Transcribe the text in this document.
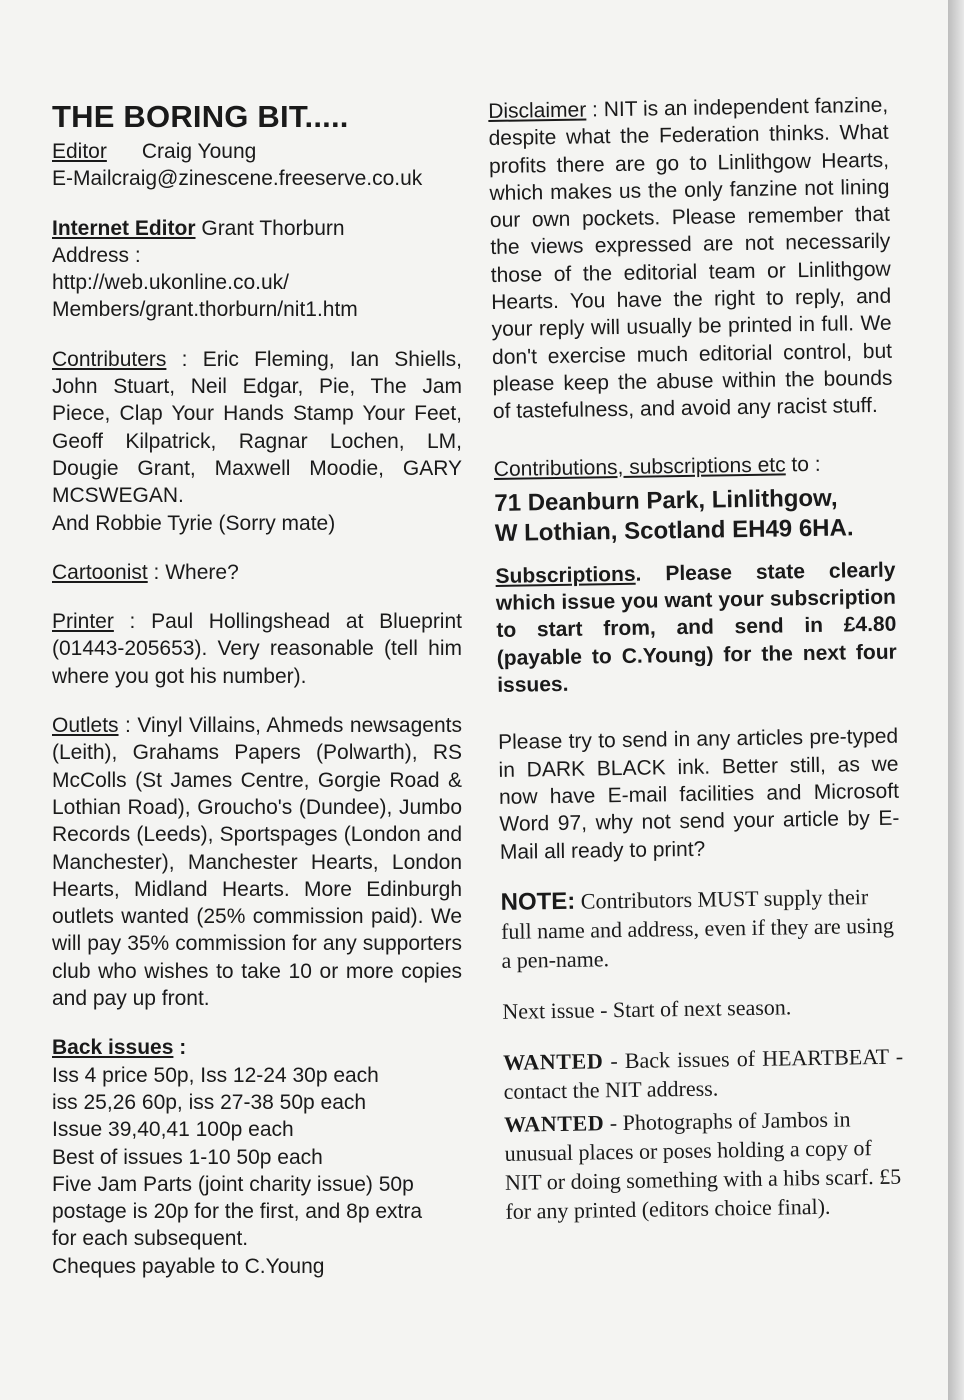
THE BORING BIT.....
Editor Craig Young
E-Mailcraig@zinescene.freeserve.co.uk
Internet Editor Grant Thorburn
Address :
http://web.ukonline.co.uk/
Members/grant.thorburn/nit1.htm
Contributers : Eric Fleming, Ian Shiells, John Stuart, Neil Edgar, Pie, The Jam Piece, Clap Your Hands Stamp Your Feet, Geoff Kilpatrick, Ragnar Lochen, LM, Dougie Grant, Maxwell Moodie, GARY MCSWEGAN.
And Robbie Tyrie (Sorry mate)
Cartoonist : Where?
Printer : Paul Hollingshead at Blueprint (01443-205653). Very reasonable (tell him where you got his number).
Outlets : Vinyl Villains, Ahmeds newsagents (Leith), Grahams Papers (Polwarth), RS McColls (St James Centre, Gorgie Road & Lothian Road), Groucho's (Dundee), Jumbo Records (Leeds), Sportspages (London and Manchester), Manchester Hearts, London Hearts, Midland Hearts. More Edinburgh outlets wanted (25% commission paid). We will pay 35% commission for any supporters club who wishes to take 10 or more copies and pay up front.
Back issues :
Iss 4 price 50p, Iss 12-24 30p each
iss 25,26 60p, iss 27-38 50p each
Issue 39,40,41 100p each
Best of issues 1-10 50p each
Five Jam Parts (joint charity issue) 50p
postage is 20p for the first, and 8p extra
for each subsequent.
Cheques payable to C.Young
Disclaimer : NIT is an independent fanzine, despite what the Federation thinks. What profits there are go to Linlithgow Hearts, which makes us the only fanzine not lining our own pockets. Please remember that the views expressed are not necessarily those of the editorial team or Linlithgow Hearts. You have the right to reply, and your reply will usually be printed in full. We don't exercise much editorial control, but please keep the abuse within the bounds of tastefulness, and avoid any racist stuff.
Contributions, subscriptions etc to :
71 Deanburn Park, Linlithgow,
W Lothian, Scotland EH49 6HA.
Subscriptions. Please state clearly which issue you want your subscription to start from, and send in £4.80 (payable to C.Young) for the next four issues.
Please try to send in any articles pre-typed in DARK BLACK ink. Better still, as we now have E-mail facilities and Microsoft Word 97, why not send your article by E-Mail all ready to print?
NOTE: Contributors MUST supply their full name and address, even if they are using a pen-name.
Next issue - Start of next season.
WANTED - Back issues of HEARTBEAT - contact the NIT address.
WANTED - Photographs of Jambos in unusual places or poses holding a copy of NIT or doing something with a hibs scarf. £5 for any printed (editors choice final).
